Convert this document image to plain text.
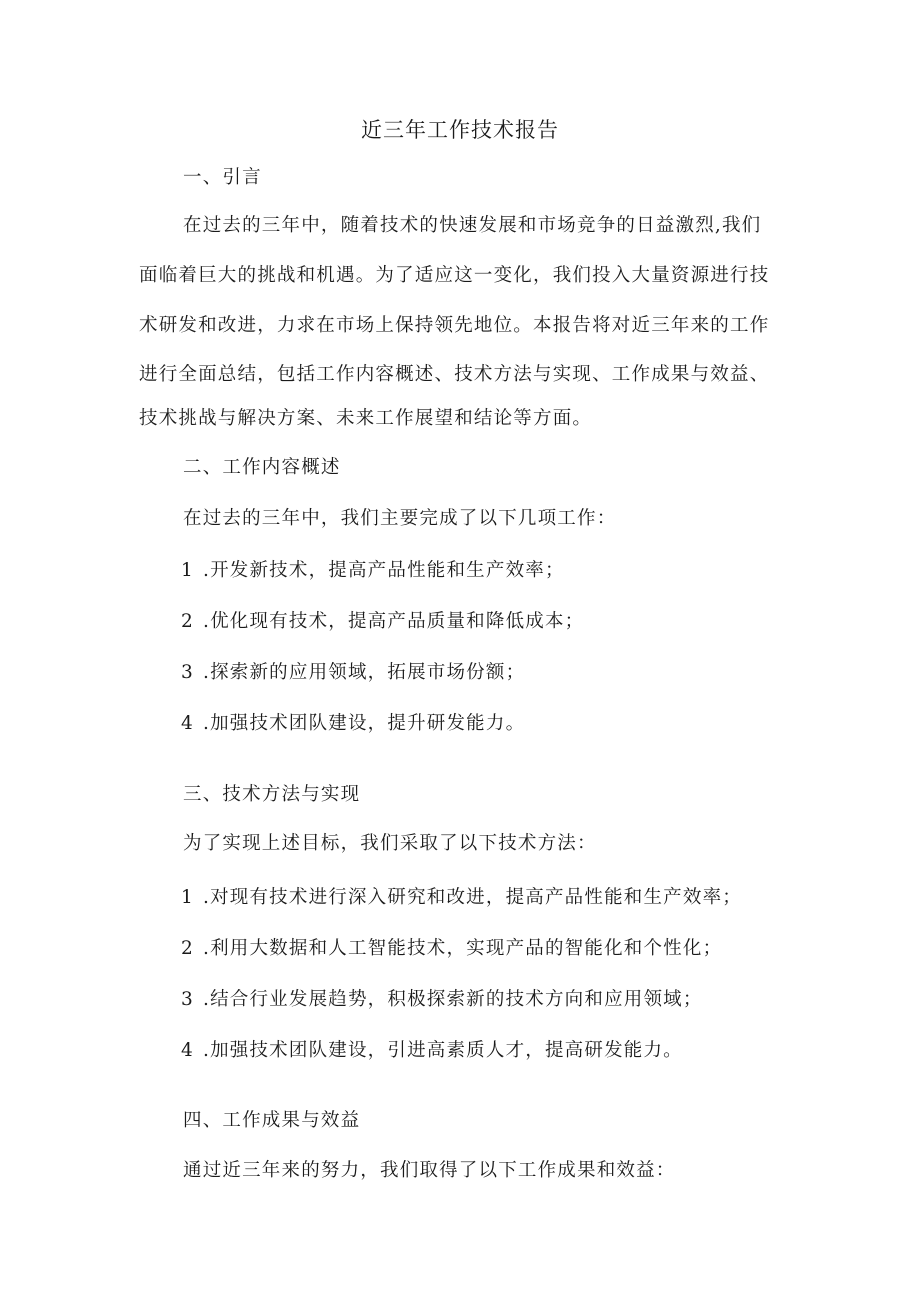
近三年工作技术报告
一、引言
在过去的三年中，随着技术的快速发展和市场竞争的日益激烈,我们
面临着巨大的挑战和机遇。为了适应这一变化，我们投入大量资源进行技
术研发和改进，力求在市场上保持领先地位。本报告将对近三年来的工作
进行全面总结，包括工作内容概述、技术方法与实现、工作成果与效益、
技术挑战与解决方案、未来工作展望和结论等方面。
二、工作内容概述
在过去的三年中，我们主要完成了以下几项工作：
1 .开发新技术，提高产品性能和生产效率；
2 .优化现有技术，提高产品质量和降低成本；
3 .探索新的应用领域，拓展市场份额；
4 .加强技术团队建设，提升研发能力。
三、技术方法与实现
为了实现上述目标，我们采取了以下技术方法：
1 .对现有技术进行深入研究和改进，提高产品性能和生产效率；
2 .利用大数据和人工智能技术，实现产品的智能化和个性化；
3 .结合行业发展趋势，积极探索新的技术方向和应用领域；
4 .加强技术团队建设，引进高素质人才，提高研发能力。
四、工作成果与效益
通过近三年来的努力，我们取得了以下工作成果和效益：
